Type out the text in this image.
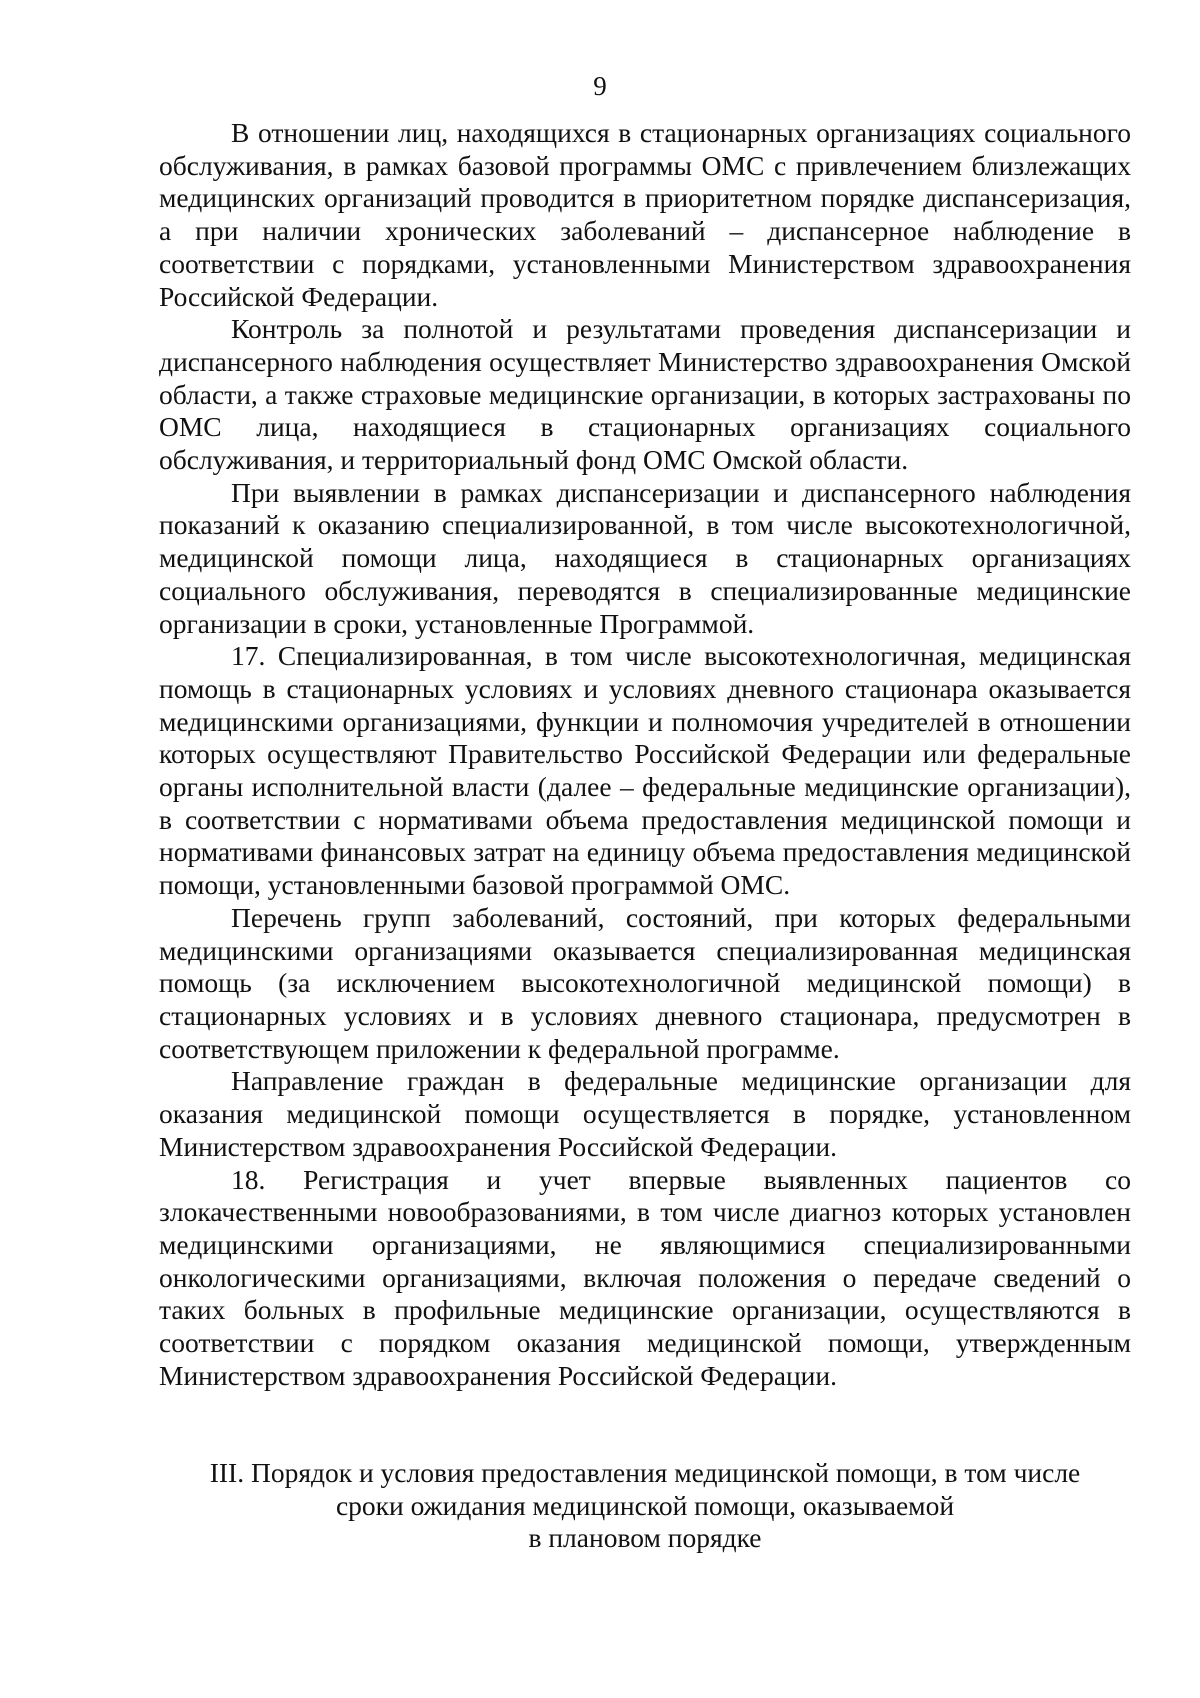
9

В отношении лиц, находящихся в стационарных организациях социального обслуживания, в рамках базовой программы ОМС с привлечением близлежащих медицинских организаций проводится в приоритетном порядке диспансеризация, а при наличии хронических заболеваний – диспансерное наблюдение в соответствии с порядками, установленными Министерством здравоохранения Российской Федерации.

Контроль за полнотой и результатами проведения диспансеризации и диспансерного наблюдения осуществляет Министерство здравоохранения Омской области, а также страховые медицинские организации, в которых застрахованы по ОМС лица, находящиеся в стационарных организациях социального обслуживания, и территориальный фонд ОМС Омской области.

При выявлении в рамках диспансеризации и диспансерного наблюдения показаний к оказанию специализированной, в том числе высокотехнологичной, медицинской помощи лица, находящиеся в стационарных организациях социального обслуживания, переводятся в специализированные медицинские организации в сроки, установленные Программой.

17. Специализированная, в том числе высокотехнологичная, медицинская помощь в стационарных условиях и условиях дневного стационара оказывается медицинскими организациями, функции и полномочия учредителей в отношении которых осуществляют Правительство Российской Федерации или федеральные органы исполнительной власти (далее – федеральные медицинские организации), в соответствии с нормативами объема предоставления медицинской помощи и нормативами финансовых затрат на единицу объема предоставления медицинской помощи, установленными базовой программой ОМС.

Перечень групп заболеваний, состояний, при которых федеральными медицинскими организациями оказывается специализированная медицинская помощь (за исключением высокотехнологичной медицинской помощи) в стационарных условиях и в условиях дневного стационара, предусмотрен в соответствующем приложении к федеральной программе.

Направление граждан в федеральные медицинские организации для оказания медицинской помощи осуществляется в порядке, установленном Министерством здравоохранения Российской Федерации.

18. Регистрация и учет впервые выявленных пациентов со злокачественными новообразованиями, в том числе диагноз которых установлен медицинскими организациями, не являющимися специализированными онкологическими организациями, включая положения о передаче сведений о таких больных в профильные медицинские организации, осуществляются в соответствии с порядком оказания медицинской помощи, утвержденным Министерством здравоохранения Российской Федерации.

III. Порядок и условия предоставления медицинской помощи, в том числе
сроки ожидания медицинской помощи, оказываемой
в плановом порядке
